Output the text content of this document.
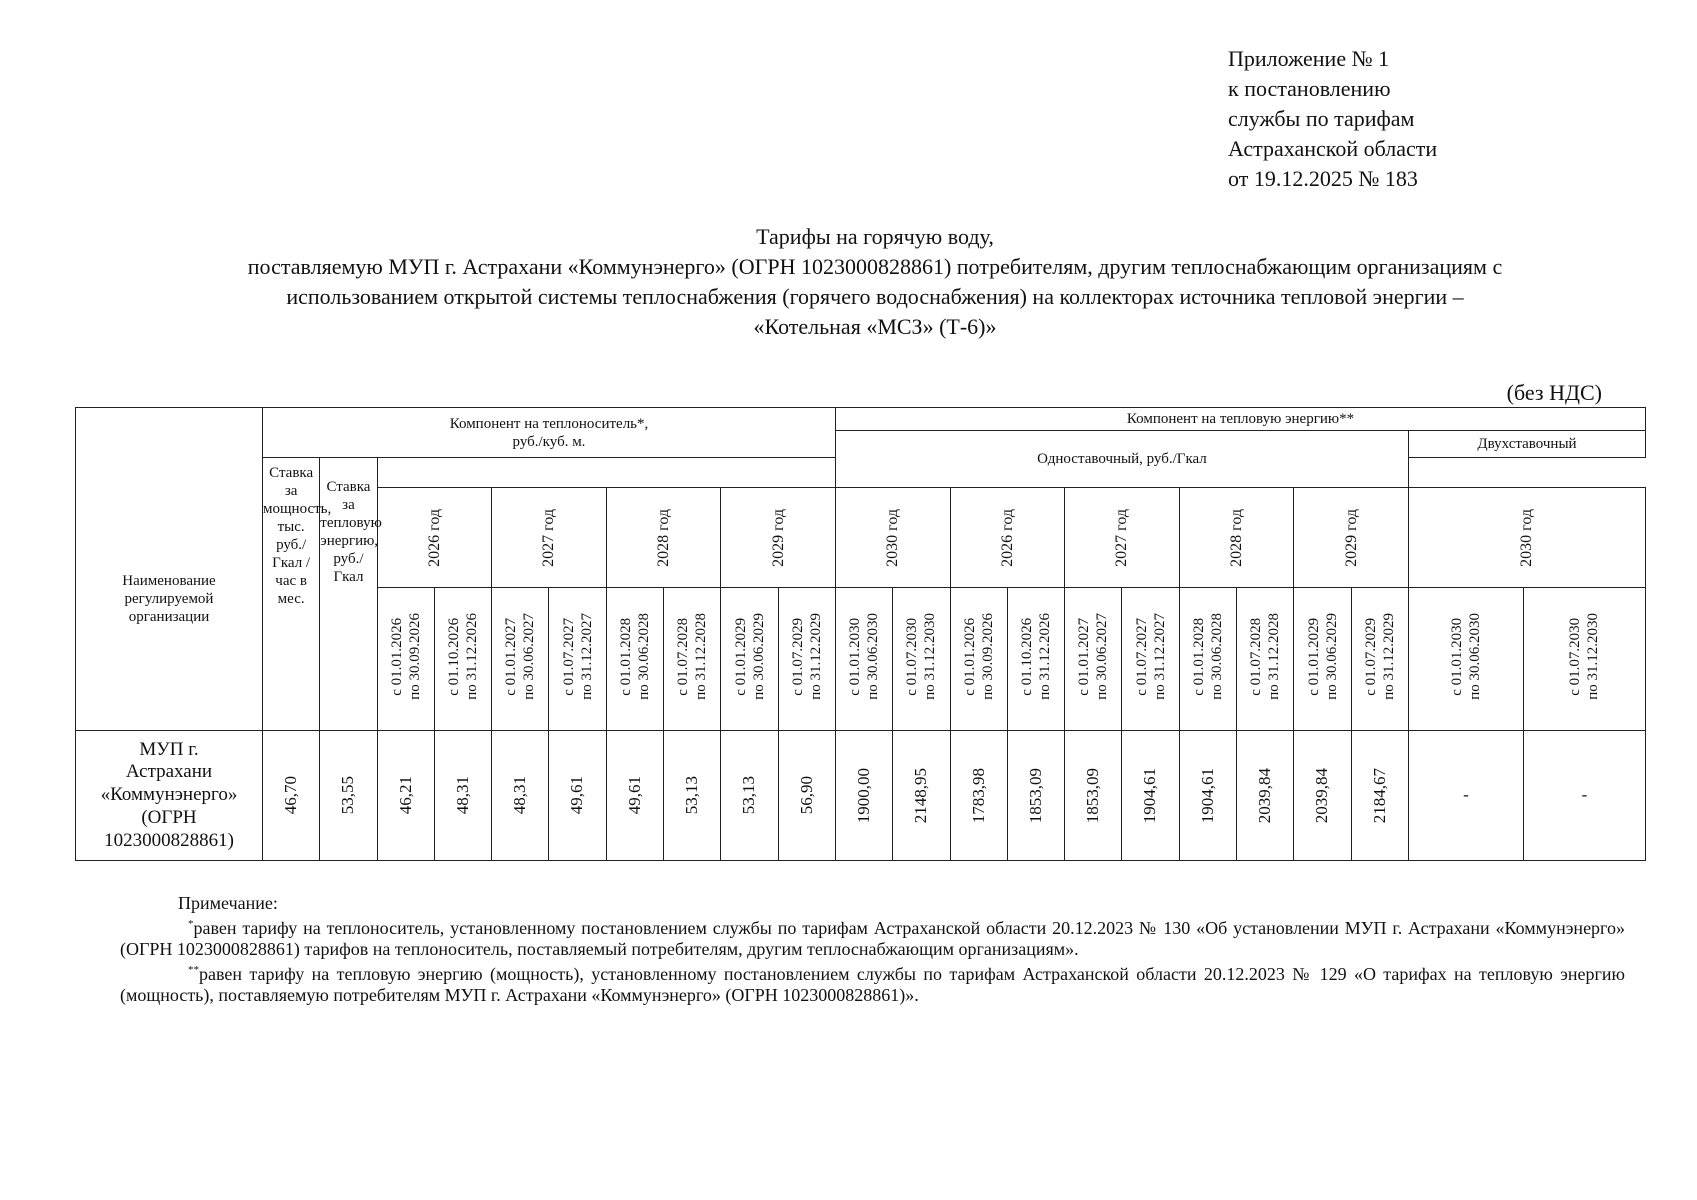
Приложение № 1
к постановлению
службы по тарифам
Астраханской области
от 19.12.2025 № 183
Тарифы на горячую воду,
поставляемую МУП г. Астрахани «Коммунэнерго» (ОГРН 1023000828861) потребителям, другим теплоснабжающим организациям с
использованием открытой системы теплоснабжения (горячего водоснабжения) на коллекторах источника тепловой энергии –
«Котельная «МСЗ» (Т-6)»
(без НДС)
Наименование регулируемой организации	Компонент на теплоноситель*,
руб./куб. м.										Компонент на тепловую энергию**											
											Одноставочный, руб./Гкал										Двухставочный	
	Ставка за мощность, тыс. руб./Гкал /час в мес.	Ставка за тепловую энергию, руб./Гкал																				

			2026 год		2027 год		2028 год		2029 год		2030 год		2026 год		2027 год		2028 год		2029 год		2030 год	

			с 01.01.2026 по 30.09.2026	с 01.10.2026 по 31.12.2026	с 01.01.2027 по 30.06.2027	с 01.07.2027 по 31.12.2027	с 01.01.2028 по 30.06.2028	с 01.07.2028 по 31.12.2028	с 01.01.2029 по 30.06.2029	с 01.07.2029 по 31.12.2029	с 01.01.2030 по 30.06.2030	с 01.07.2030 по 31.12.2030	с 01.01.2026 по 30.09.2026	с 01.10.2026 по 31.12.2026	с 01.01.2027 по 30.06.2027	с 01.07.2027 по 31.12.2027	с 01.01.2028 по 30.06.2028	с 01.07.2028 по 31.12.2028	с 01.01.2029 по 30.06.2029	с 01.07.2029 по 31.12.2029	с 01.01.2030 по 30.06.2030	с 01.07.2030 по 31.12.2030

МУП г.
Астрахани
«Коммунэнерго»
(ОГРН
1023000828861)	46,70	53,55	46,21	48,31	48,31	49,61	49,61	53,13	53,13	56,90	1900,00	2148,95	1783,98	1853,09	1853,09	1904,61	1904,61	2039,84	2039,84	2184,67	-	-
Примечание:

*равен тарифу на теплоноситель, установленному постановлением службы по тарифам Астраханской области 20.12.2023 № 130 «Об установлении МУП г. Астрахани «Коммунэнерго» (ОГРН 1023000828861) тарифов на теплоноситель, поставляемый потребителям, другим теплоснабжающим организациям».

**равен тарифу на тепловую энергию (мощность), установленному постановлением службы по тарифам Астраханской области 20.12.2023 № 129 «О тарифах на тепловую энергию (мощность), поставляемую потребителям МУП г. Астрахани «Коммунэнерго» (ОГРН 1023000828861)».
